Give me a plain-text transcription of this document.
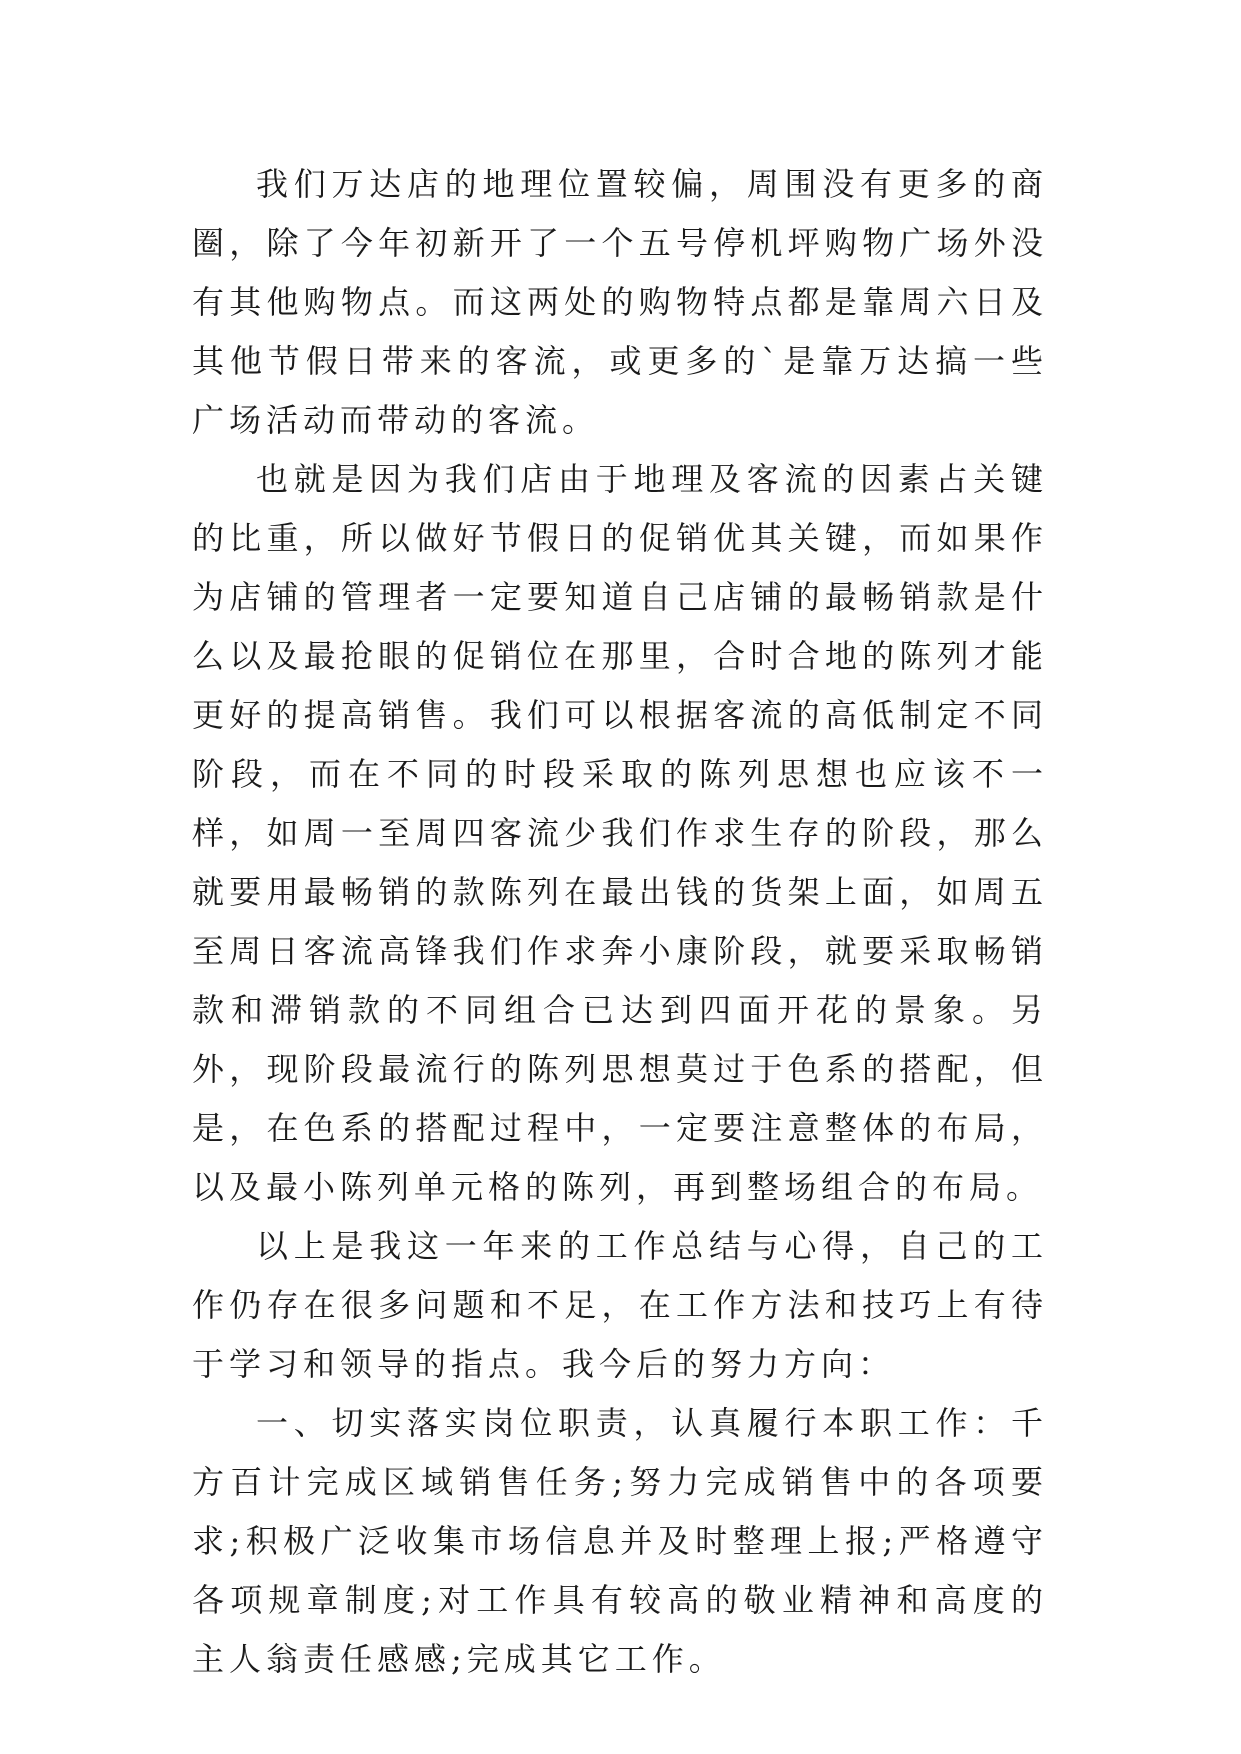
我们万达店的地理位置较偏，周围没有更多的商圈，除了今年初新开了一个五号停机坪购物广场外没有其他购物点。而这两处的购物特点都是靠周六日及其他节假日带来的客流，或更多的`是靠万达搞一些广场活动而带动的客流。

也就是因为我们店由于地理及客流的因素占关键的比重，所以做好节假日的促销优其关键，而如果作为店铺的管理者一定要知道自己店铺的最畅销款是什么以及最抢眼的促销位在那里，合时合地的陈列才能更好的提高销售。我们可以根据客流的高低制定不同阶段，而在不同的时段采取的陈列思想也应该不一样，如周一至周四客流少我们作求生存的阶段，那么就要用最畅销的款陈列在最出钱的货架上面，如周五至周日客流高锋我们作求奔小康阶段，就要采取畅销款和滞销款的不同组合已达到四面开花的景象。另外，现阶段最流行的陈列思想莫过于色系的搭配，但是，在色系的搭配过程中，一定要注意整体的布局，以及最小陈列单元格的陈列，再到整场组合的布局。

以上是我这一年来的工作总结与心得，自己的工作仍存在很多问题和不足，在工作方法和技巧上有待于学习和领导的指点。我今后的努力方向：

一、切实落实岗位职责，认真履行本职工作：千方百计完成区域销售任务;努力完成销售中的各项要求;积极广泛收集市场信息并及时整理上报;严格遵守各项规章制度;对工作具有较高的敬业精神和高度的主人翁责任感感;完成其它工作。
